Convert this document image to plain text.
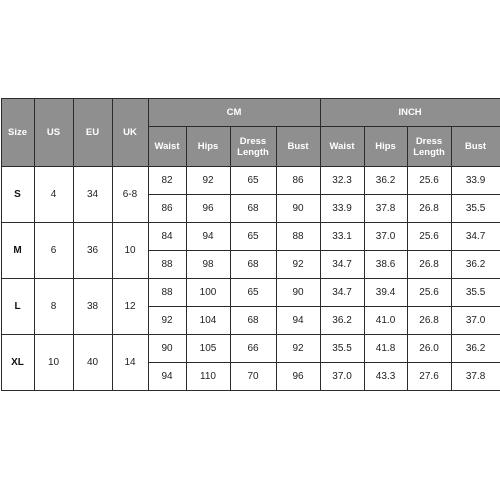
Size	US	EU	UK	CM				INCH			
				Waist	Hips	Dress Length	Bust	Waist	Hips	Dress Length	Bust
S	4	34	6-8	82	92	65	86	32.3	36.2	25.6	33.9
				86	96	68	90	33.9	37.8	26.8	35.5
M	6	36	10	84	94	65	88	33.1	37.0	25.6	34.7
				88	98	68	92	34.7	38.6	26.8	36.2
L	8	38	12	88	100	65	90	34.7	39.4	25.6	35.5
				92	104	68	94	36.2	41.0	26.8	37.0
XL	10	40	14	90	105	66	92	35.5	41.8	26.0	36.2
				94	110	70	96	37.0	43.3	27.6	37.8
